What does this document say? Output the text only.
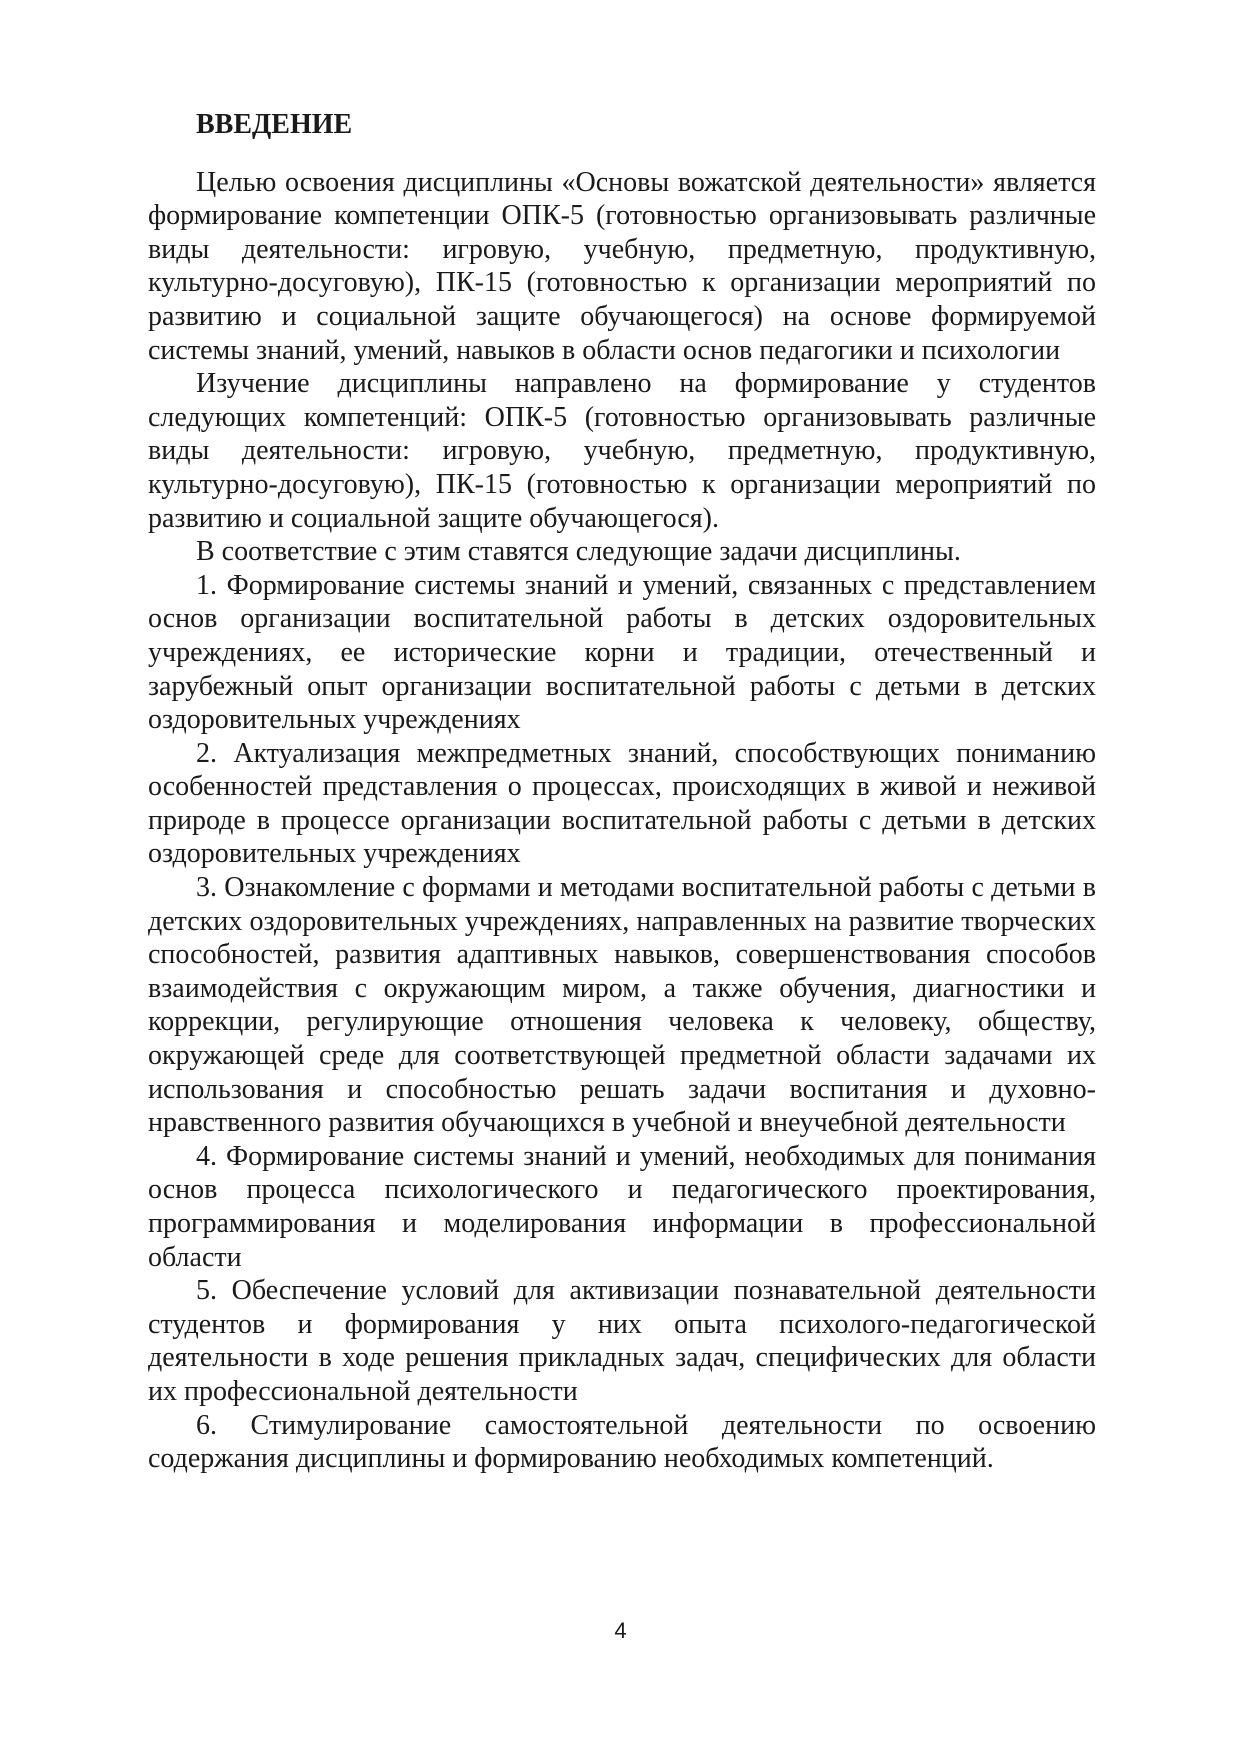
ВВЕДЕНИЕ

Целью освоения дисциплины «Основы вожатской деятельности» является формирование компетенции ОПК-5 (готовностью организовывать различные виды деятельности: игровую, учебную, предметную, продуктивную, культурно-досуговую), ПК-15 (готовностью к организации мероприятий по развитию и социальной защите обучающегося) на основе формируемой системы знаний, умений, навыков в области основ педагогики и психологии

Изучение дисциплины направлено на формирование у студентов следующих компетенций: ОПК-5 (готовностью организовывать различные виды деятельности: игровую, учебную, предметную, продуктивную, культурно-досуговую), ПК-15 (готовностью к организации мероприятий по развитию и социальной защите обучающегося).

В соответствие с этим ставятся следующие задачи дисциплины.

1. Формирование системы знаний и умений, связанных с представлением основ организации воспитательной работы в детских оздоровительных учреждениях, ее исторические корни и традиции, отечественный и зарубежный опыт организации воспитательной работы с детьми в детских оздоровительных учреждениях

2. Актуализация межпредметных знаний, способствующих пониманию особенностей представления о процессах, происходящих в живой и неживой природе в процессе организации воспитательной работы с детьми в детских оздоровительных учреждениях

3. Ознакомление с формами и методами воспитательной работы с детьми в детских оздоровительных учреждениях, направленных на развитие творческих способностей, развития адаптивных навыков, совершенствования способов взаимодействия с окружающим миром, а также обучения, диагностики и коррекции, регулирующие отношения человека к человеку, обществу, окружающей среде для соответствующей предметной области задачами их использования и способностью решать задачи воспитания и духовно-нравственного развития обучающихся в учебной и внеучебной деятельности

4. Формирование системы знаний и умений, необходимых для понимания основ процесса психологического и педагогического проектирования, программирования и моделирования информации в профессиональной области

5. Обеспечение условий для активизации познавательной деятельности студентов и формирования у них опыта психолого-педагогической деятельности в ходе решения прикладных задач, специфических для области их профессиональной деятельности

6. Стимулирование самостоятельной деятельности по освоению содержания дисциплины и формированию необходимых компетенций.

4
